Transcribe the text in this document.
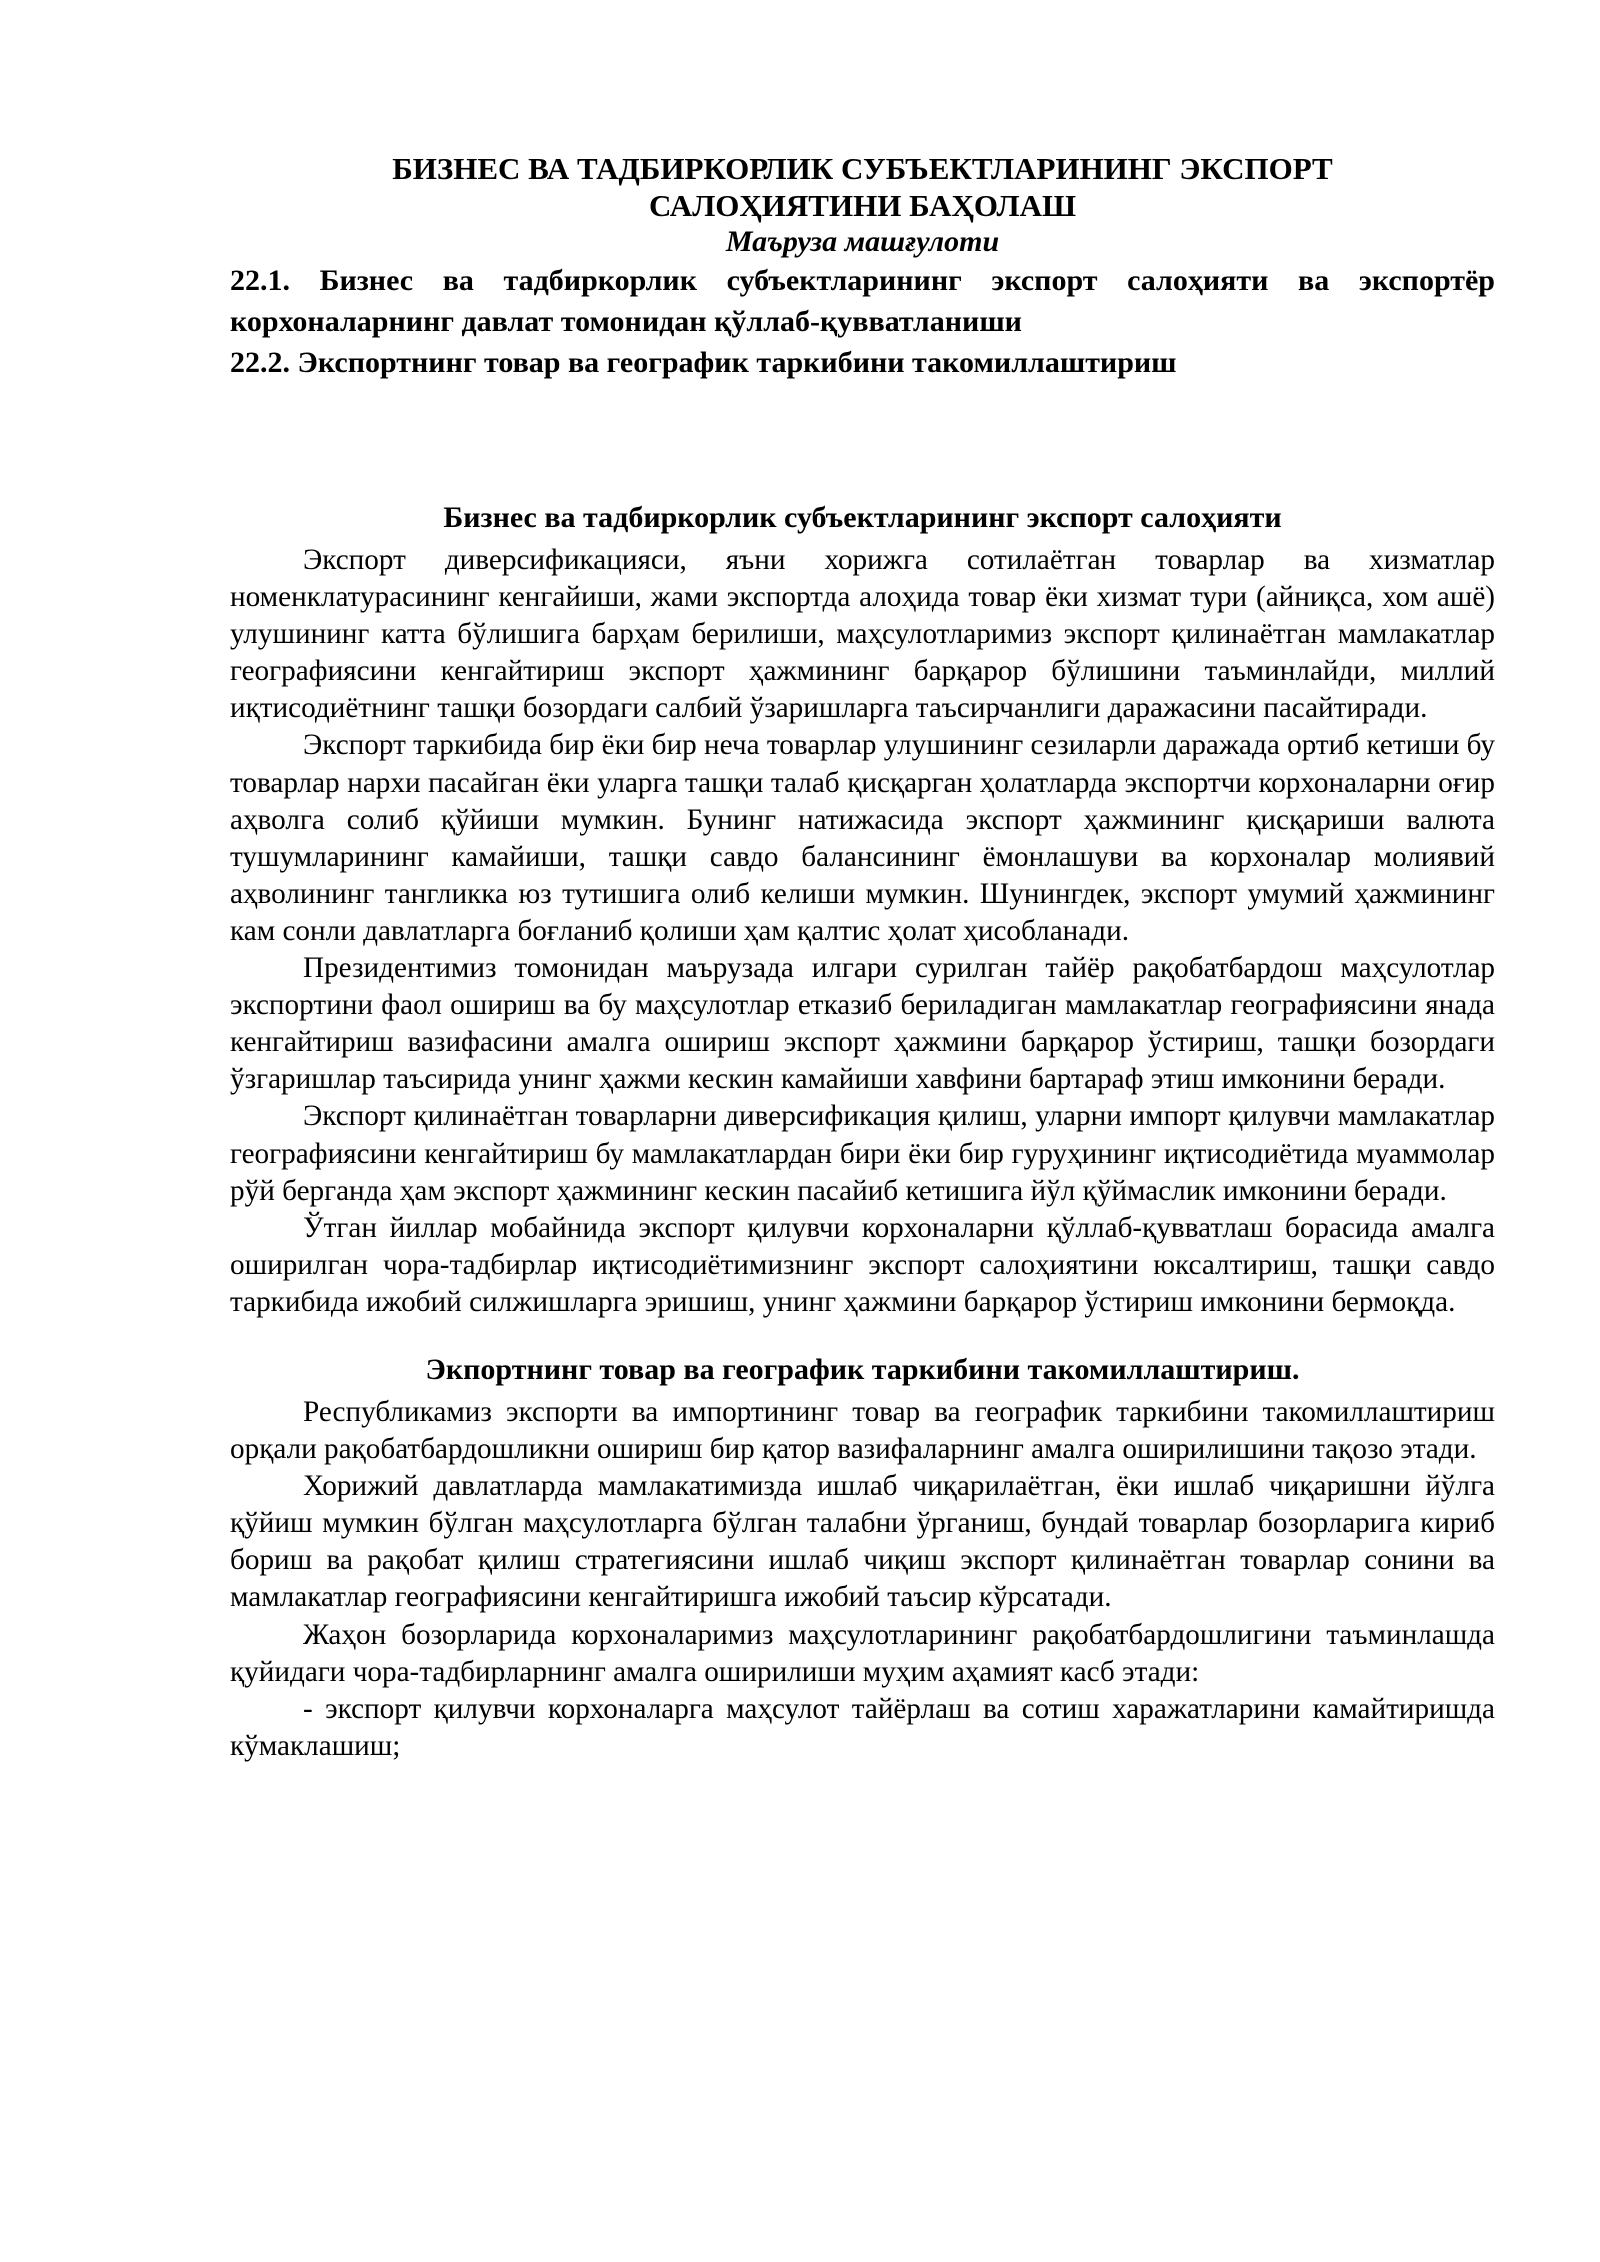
БИЗНЕС ВА ТАДБИРКОРЛИК СУБЪЕКТЛАРИНИНГ ЭКСПОРТ

САЛОҲИЯТИНИ БАҲОЛАШ

Маъруза машғулоти

22.1. Бизнес ва тадбиркорлик субъектларининг экспорт салоҳияти ва экспортёр корхоналарнинг давлат томонидан қўллаб-қувватланиши

22.2. Экспортнинг товар ва географик таркибини такомиллаштириш

Бизнес ва тадбиркорлик субъектларининг экспорт салоҳияти

Экспорт диверсификацияси, яъни хорижга сотилаётган товарлар ва хизматлар номенклатурасининг кенгайиши, жами экспортда алоҳида товар ёки хизмат тури (айниқса, хом ашё) улушининг катта бўлишига барҳам берилиши, маҳсулотларимиз экспорт қилинаётган мамлакатлар географиясини кенгайтириш экспорт ҳажмининг барқарор бўлишини таъминлайди, миллий иқтисодиётнинг ташқи бозордаги салбий ўзаришларга таъсирчанлиги даражасини пасайтиради.

Экспорт таркибида бир ёки бир неча товарлар улушининг сезиларли даражада ортиб кетиши бу товарлар нархи пасайган ёки уларга ташқи талаб қисқарган ҳолатларда экспортчи корхоналарни оғир аҳволга солиб қўйиши мумкин. Бунинг натижасида экспорт ҳажмининг қисқариши валюта тушумларининг камайиши, ташқи савдо балансининг ёмонлашуви ва корхоналар молиявий аҳволининг тангликка юз тутишига олиб келиши мумкин. Шунингдек, экспорт умумий ҳажмининг кам сонли давлатларга боғланиб қолиши ҳам қалтис ҳолат ҳисобланади.

Президентимиз томонидан маърузада илгари сурилган тайёр рақобатбардош маҳсулотлар экспортини фаол ошириш ва бу маҳсулотлар етказиб бериладиган мамлакатлар географиясини янада кенгайтириш вазифасини амалга ошириш экспорт ҳажмини барқарор ўстириш, ташқи бозордаги ўзгаришлар таъсирида унинг ҳажми кескин камайиши хавфини бартараф этиш имконини беради.

Экспорт қилинаётган товарларни диверсификация қилиш, уларни импорт қилувчи мамлакатлар географиясини кенгайтириш бу мамлакатлардан бири ёки бир гуруҳининг иқтисодиётида муаммолар рўй берганда ҳам экспорт ҳажмининг кескин пасайиб кетишига йўл қўймаслик имконини беради.

Ўтган йиллар мобайнида экспорт қилувчи корхоналарни қўллаб-қувватлаш борасида амалга оширилган чора-тадбирлар иқтисодиётимизнинг экспорт салоҳиятини юксалтириш, ташқи савдо таркибида ижобий силжишларга эришиш, унинг ҳажмини барқарор ўстириш имконини бермоқда.

Экпортнинг товар ва географик таркибини такомиллаштириш.

Республикамиз экспорти ва импортининг товар ва географик таркибини такомиллаштириш орқали рақобатбардошликни ошириш бир қатор вазифаларнинг амалга оширилишини тақозо этади.

Хорижий давлатларда мамлакатимизда ишлаб чиқарилаётган, ёки ишлаб чиқаришни йўлга қўйиш мумкин бўлган маҳсулотларга бўлган талабни ўрганиш, бундай товарлар бозорларига кириб бориш ва рақобат қилиш стратегиясини ишлаб чиқиш экспорт қилинаётган товарлар сонини ва мамлакатлар географиясини кенгайтиришга ижобий таъсир кўрсатади.

Жаҳон бозорларида корхоналаримиз маҳсулотларининг рақобатбардошлигини таъминлашда қуйидаги чора-тадбирларнинг амалга оширилиши муҳим аҳамият касб этади:

- экспорт қилувчи корхоналарга маҳсулот тайёрлаш ва сотиш харажатларини камайтиришда кўмаклашиш;
